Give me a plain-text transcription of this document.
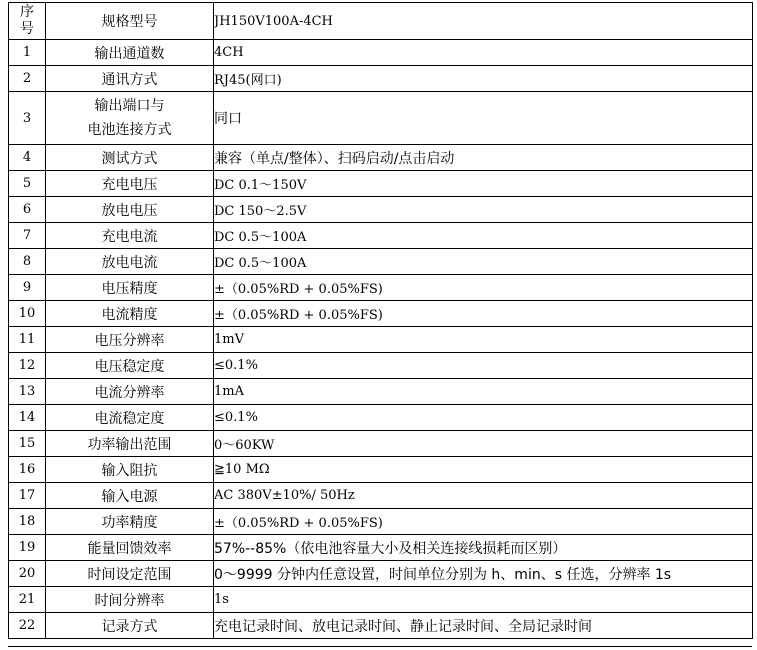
序
号	规格型号	JH150V100A-4CH
1	输出通道数	4CH
2	通讯方式	RJ45(网口)
3	输出端口与
电池连接方式	同口
4	测试方式	兼容（单点/整体）、扫码启动/点击启动
5	充电电压	DC 0.1～150V
6	放电电压	DC 150～2.5V
7	充电电流	DC 0.5～100A
8	放电电流	DC 0.5～100A
9	电压精度	±（0.05%RD + 0.05%FS)
10	电流精度	±（0.05%RD + 0.05%FS)
11	电压分辨率	1mV
12	电压稳定度	≤0.1%
13	电流分辨率	1mA
14	电流稳定度	≤0.1%
15	功率输出范围	0～60KW
16	输入阻抗	≧10 MΩ
17	输入电源	AC 380V±10%/ 50Hz
18	功率精度	±（0.05%RD + 0.05%FS)
19	能量回馈效率	57%--85%（依电池容量大小及相关连接线损耗而区别）
20	时间设定范围	0～9999 分钟内任意设置，时间单位分别为 h、min、s 任选，分辨率 1s
21	时间分辨率	1s
22	记录方式	充电记录时间、放电记录时间、静止记录时间、全局记录时间
